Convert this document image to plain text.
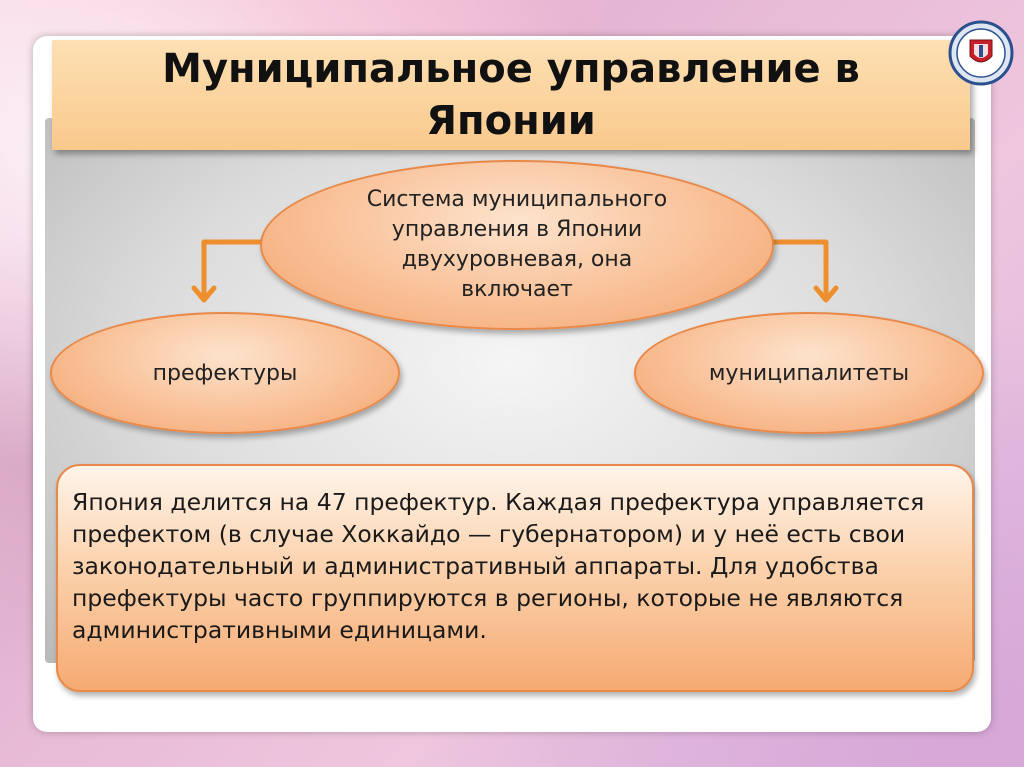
Муниципальное управление в Японии
Система муниципального управления в Японии двухуровневая, она включает
префектуры	муниципалитеты
Япония делится на 47 префектур. Каждая префектура управляется префектом (в случае Хоккайдо — губернатором) и у неё есть свои законодательный и административный аппараты. Для удобства префектуры часто группируются в регионы, которые не являются административными единицами.
